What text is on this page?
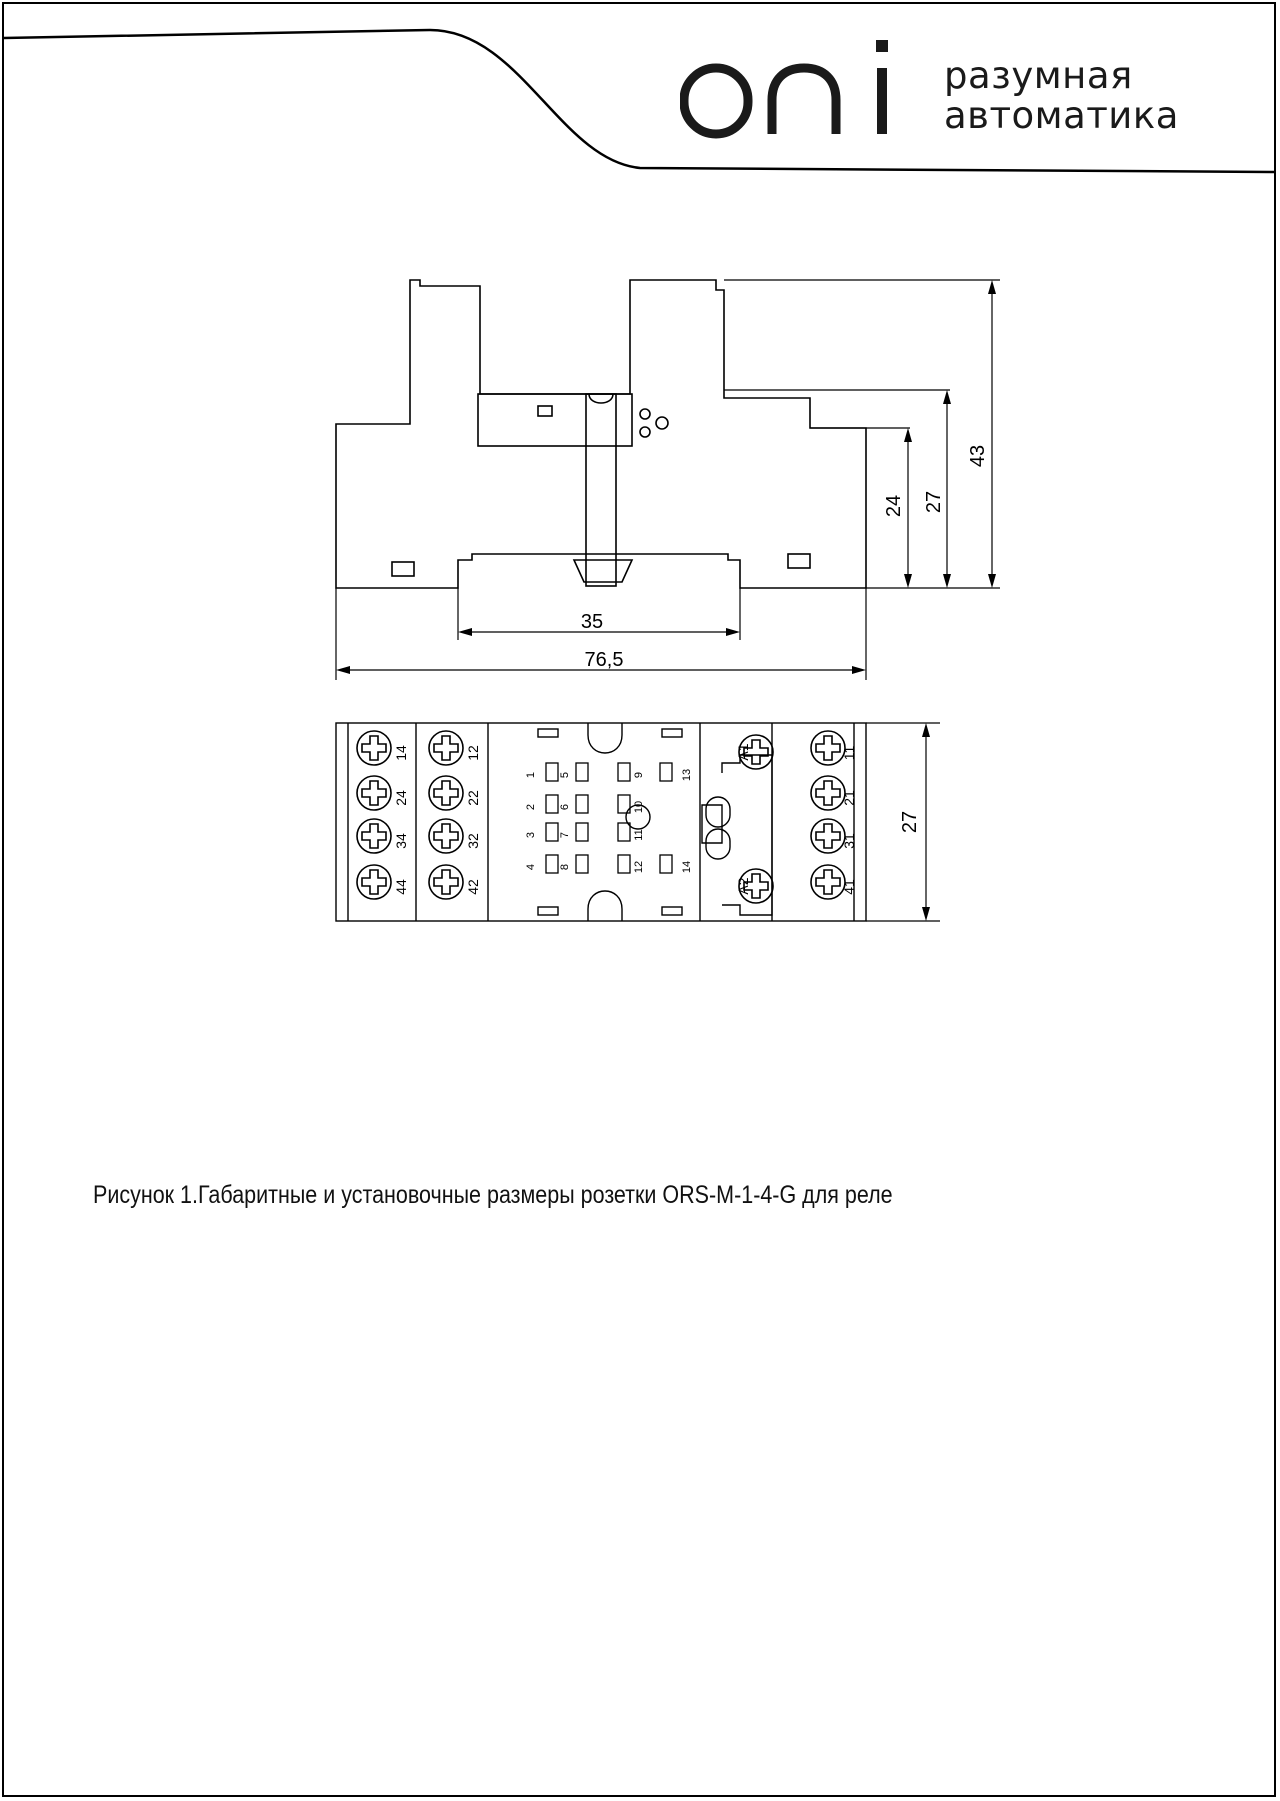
разумная
автоматика
35
76,5
24 27
43
14	12	11
24	22	21
34	32	31
44	42	41
A1
A2
1 5	9
2 6	10
3 7	11
4 8	12
13
14
27
Рисунок 1.Габаритные и установочные размеры розетки ORS-M-1-4-G для реле
